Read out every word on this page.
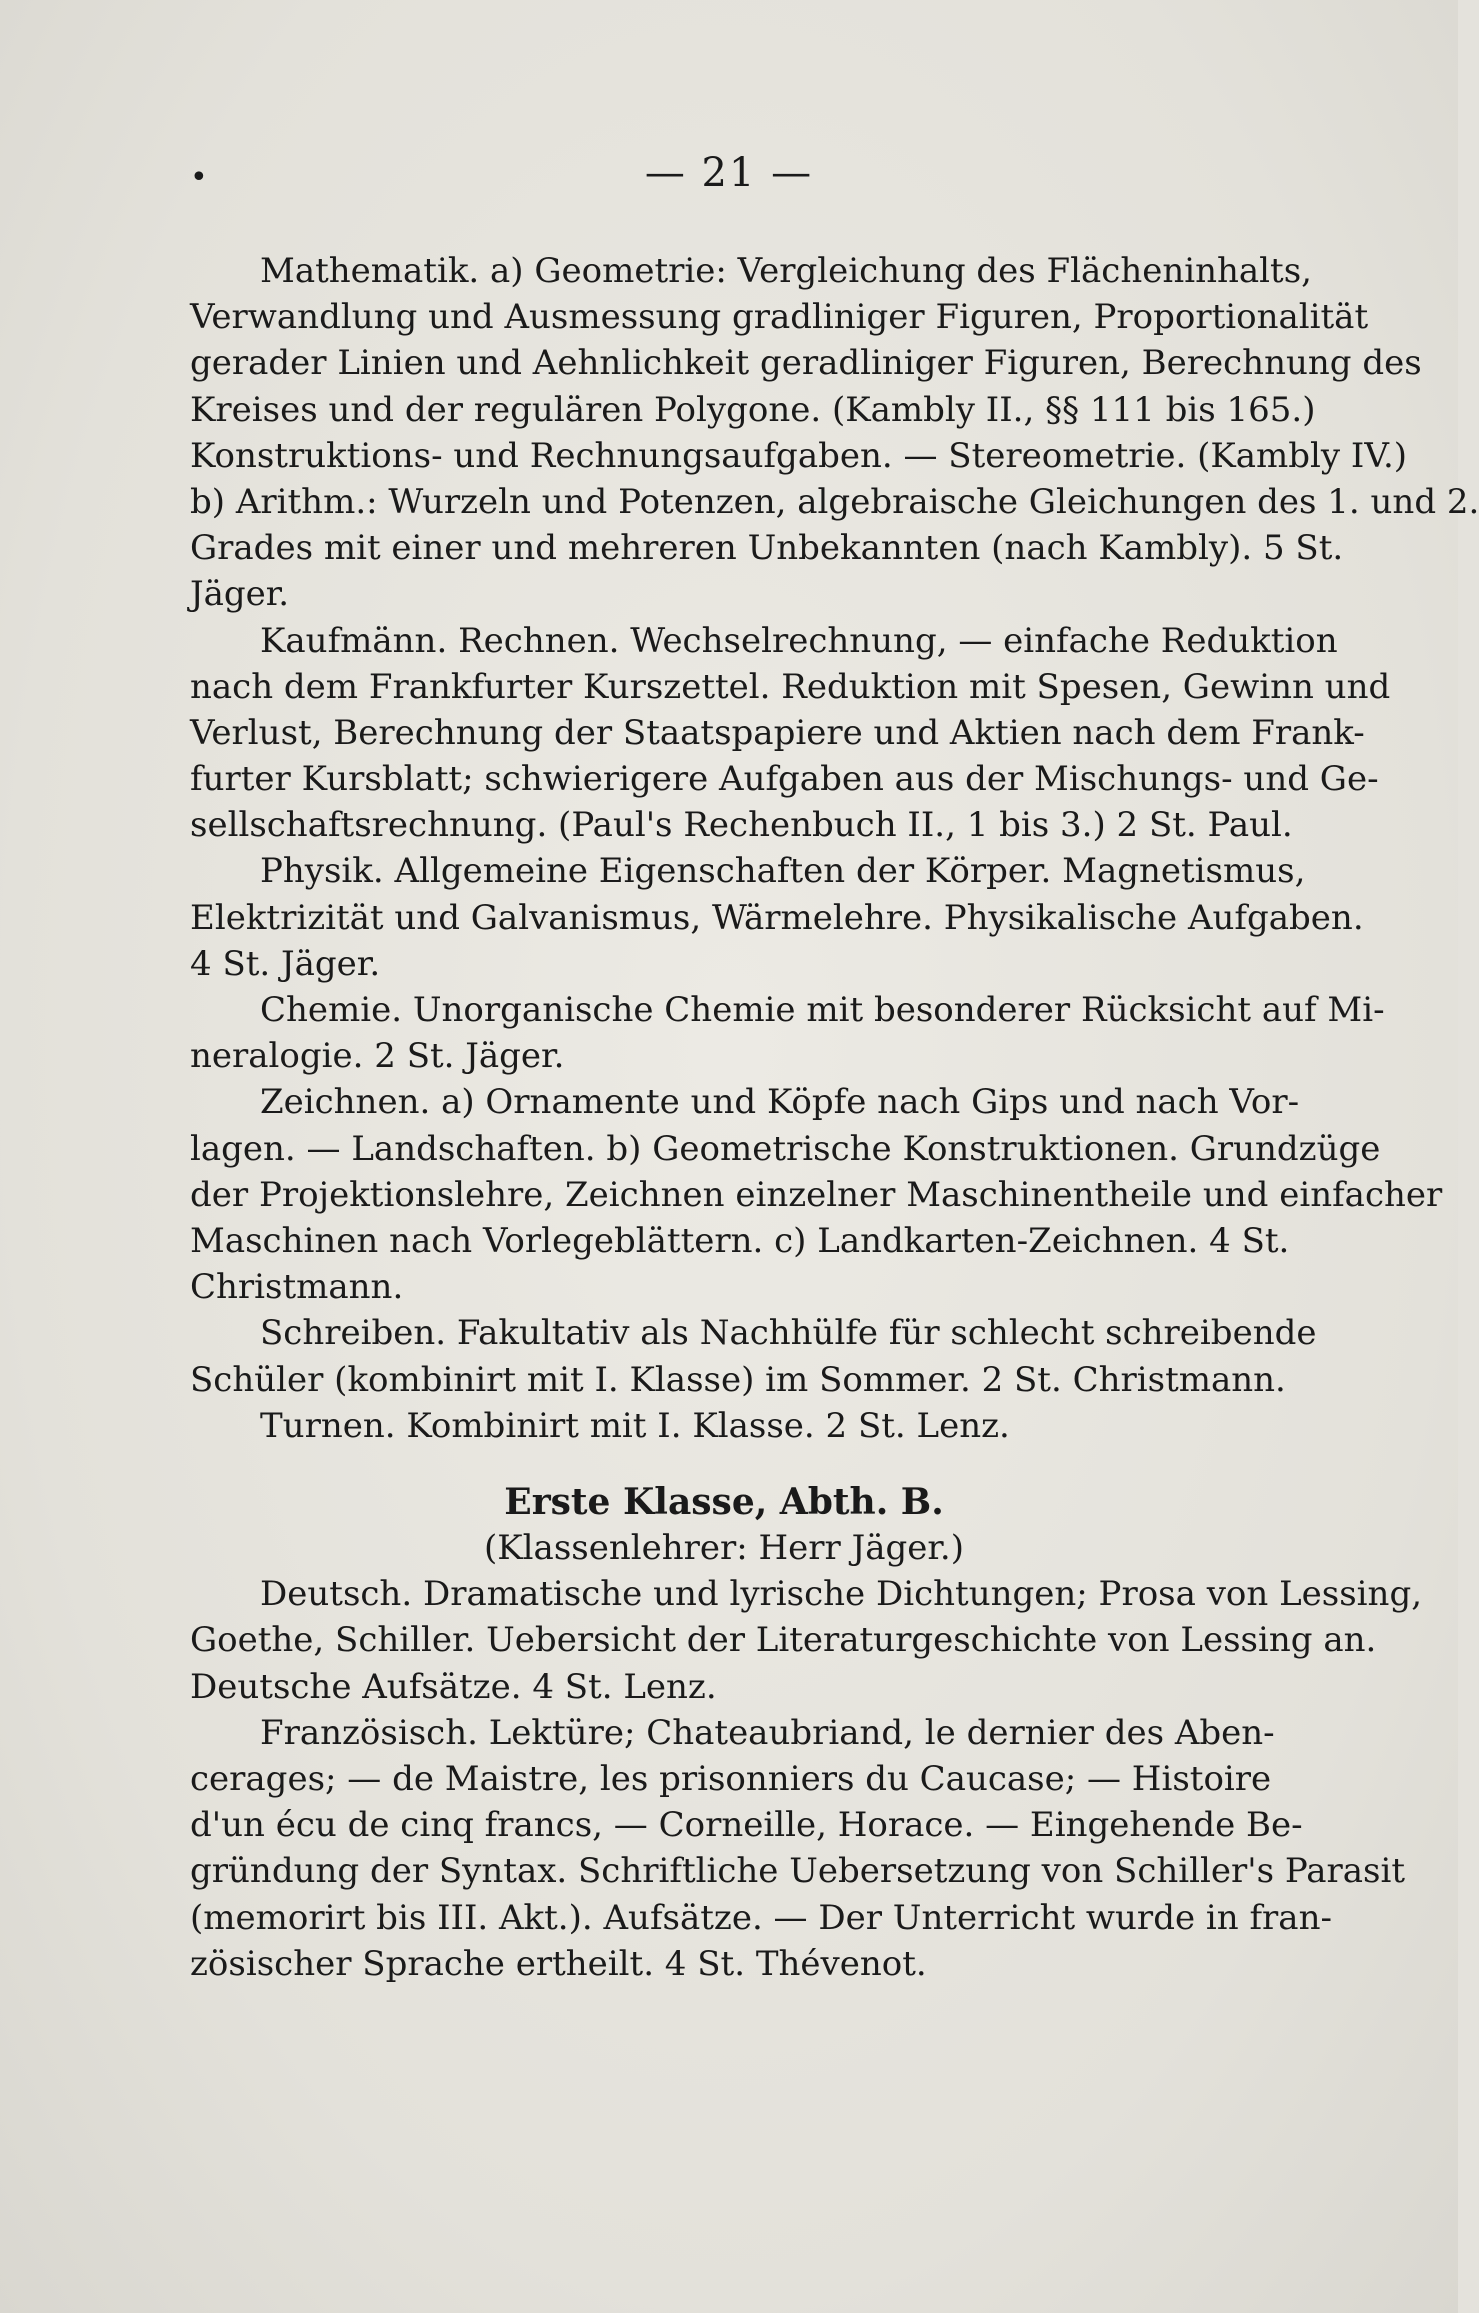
•	— 21 —
Mathematik. a) Geometrie: Vergleichung des Flächeninhalts,
Verwandlung und Ausmessung gradliniger Figuren, Proportionalität
gerader Linien und Aehnlichkeit geradliniger Figuren, Berechnung des
Kreises und der regulären Polygone. (Kambly II., §§ 111 bis 165.)
Konstruktions- und Rechnungsaufgaben. — Stereometrie. (Kambly IV.)
b) Arithm.: Wurzeln und Potenzen, algebraische Gleichungen des 1. und 2.
Grades mit einer und mehreren Unbekannten (nach Kambly). 5 St.
Jäger.
Kaufmänn. Rechnen. Wechselrechnung, — einfache Reduktion
nach dem Frankfurter Kurszettel. Reduktion mit Spesen, Gewinn und
Verlust, Berechnung der Staatspapiere und Aktien nach dem Frank-
furter Kursblatt; schwierigere Aufgaben aus der Mischungs- und Ge-
sellschaftsrechnung. (Paul's Rechenbuch II., 1 bis 3.) 2 St. Paul.
Physik. Allgemeine Eigenschaften der Körper. Magnetismus,
Elektrizität und Galvanismus, Wärmelehre. Physikalische Aufgaben.
4 St. Jäger.
Chemie. Unorganische Chemie mit besonderer Rücksicht auf Mi-
neralogie. 2 St. Jäger.
Zeichnen. a) Ornamente und Köpfe nach Gips und nach Vor-
lagen. — Landschaften. b) Geometrische Konstruktionen. Grundzüge
der Projektionslehre, Zeichnen einzelner Maschinentheile und einfacher
Maschinen nach Vorlegeblättern. c) Landkarten-Zeichnen. 4 St.
Christmann.
Schreiben. Fakultativ als Nachhülfe für schlecht schreibende
Schüler (kombinirt mit I. Klasse) im Sommer. 2 St. Christmann.
Turnen. Kombinirt mit I. Klasse. 2 St. Lenz.
Erste Klasse, Abth. B.
(Klassenlehrer: Herr Jäger.)
Deutsch. Dramatische und lyrische Dichtungen; Prosa von Lessing,
Goethe, Schiller. Uebersicht der Literaturgeschichte von Lessing an.
Deutsche Aufsätze. 4 St. Lenz.
Französisch. Lektüre; Chateaubriand, le dernier des Aben-
cerages; — de Maistre, les prisonniers du Caucase; — Histoire
d'un écu de cinq francs, — Corneille, Horace. — Eingehende Be-
gründung der Syntax. Schriftliche Uebersetzung von Schiller's Parasit
(memorirt bis III. Akt.). Aufsätze. — Der Unterricht wurde in fran-
zösischer Sprache ertheilt. 4 St. Thévenot.
